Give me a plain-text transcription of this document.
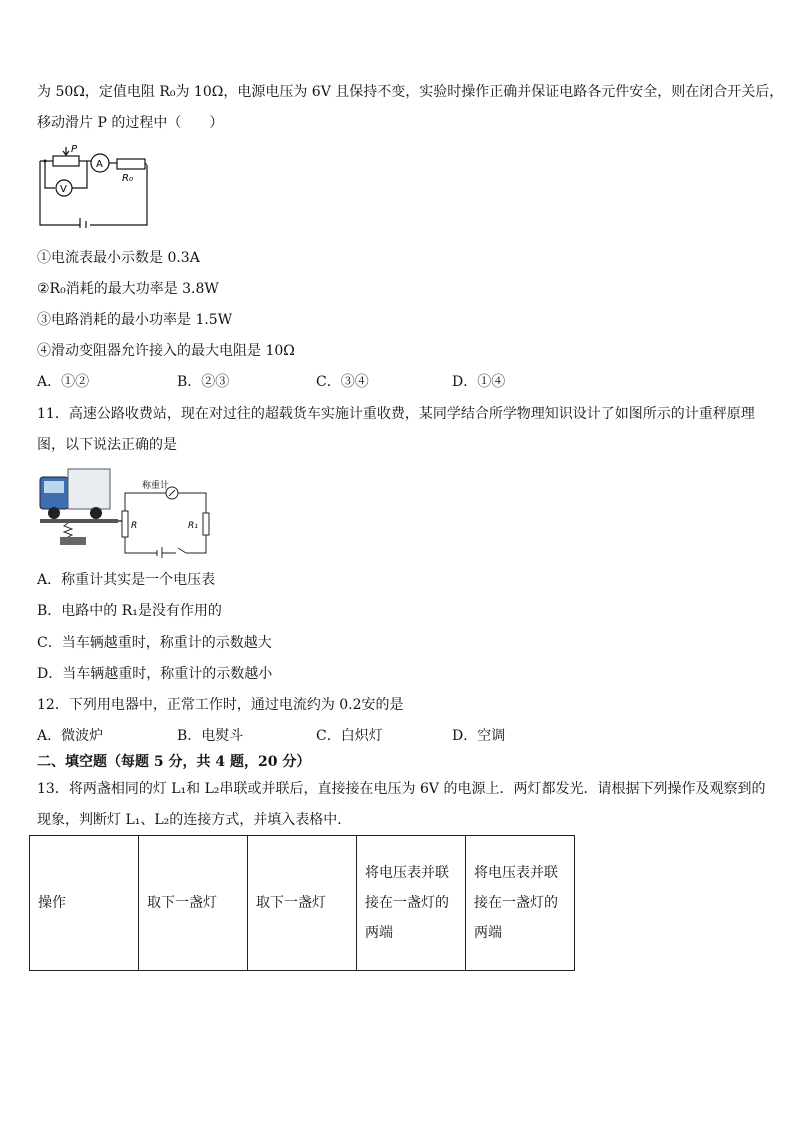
为 50Ω，定值电阻 R₀为 10Ω，电源电压为 6V 且保持不变，实验时操作正确并保证电路各元件安全，则在闭合开关后，
移动滑片 P 的过程中（　　）
P
A
V
R₀
①电流表最小示数是 0.3A
②R₀消耗的最大功率是 3.8W
③电路消耗的最小功率是 1.5W
④滑动变阻器允许接入的最大电阻是 10Ω
A．①②	B．②③	C．③④	D．①④
11．高速公路收费站，现在对过往的超载货车实施计重收费，某同学结合所学物理知识设计了如图所示的计重秤原理
图，以下说法正确的是
称重计
R	R₁
A．称重计其实是一个电压表
B．电路中的 R₁是没有作用的
C．当车辆越重时，称重计的示数越大
D．当车辆越重时，称重计的示数越小
12．下列用电器中，正常工作时，通过电流约为 0.2安的是
A．微波炉	B．电熨斗	C．白炽灯	D．空调
二、填空题（每题 5 分，共 4 题，20 分）
13．将两盏相同的灯 L₁和 L₂串联或并联后，直接接在电压为 6V 的电源上．两灯都发光．请根据下列操作及观察到的
现象，判断灯 L₁、L₂的连接方式，并填入表格中．
操作	取下一盏灯	取下一盏灯	将电压表并联接在一盏灯的两端	将电压表并联接在一盏灯的两端
